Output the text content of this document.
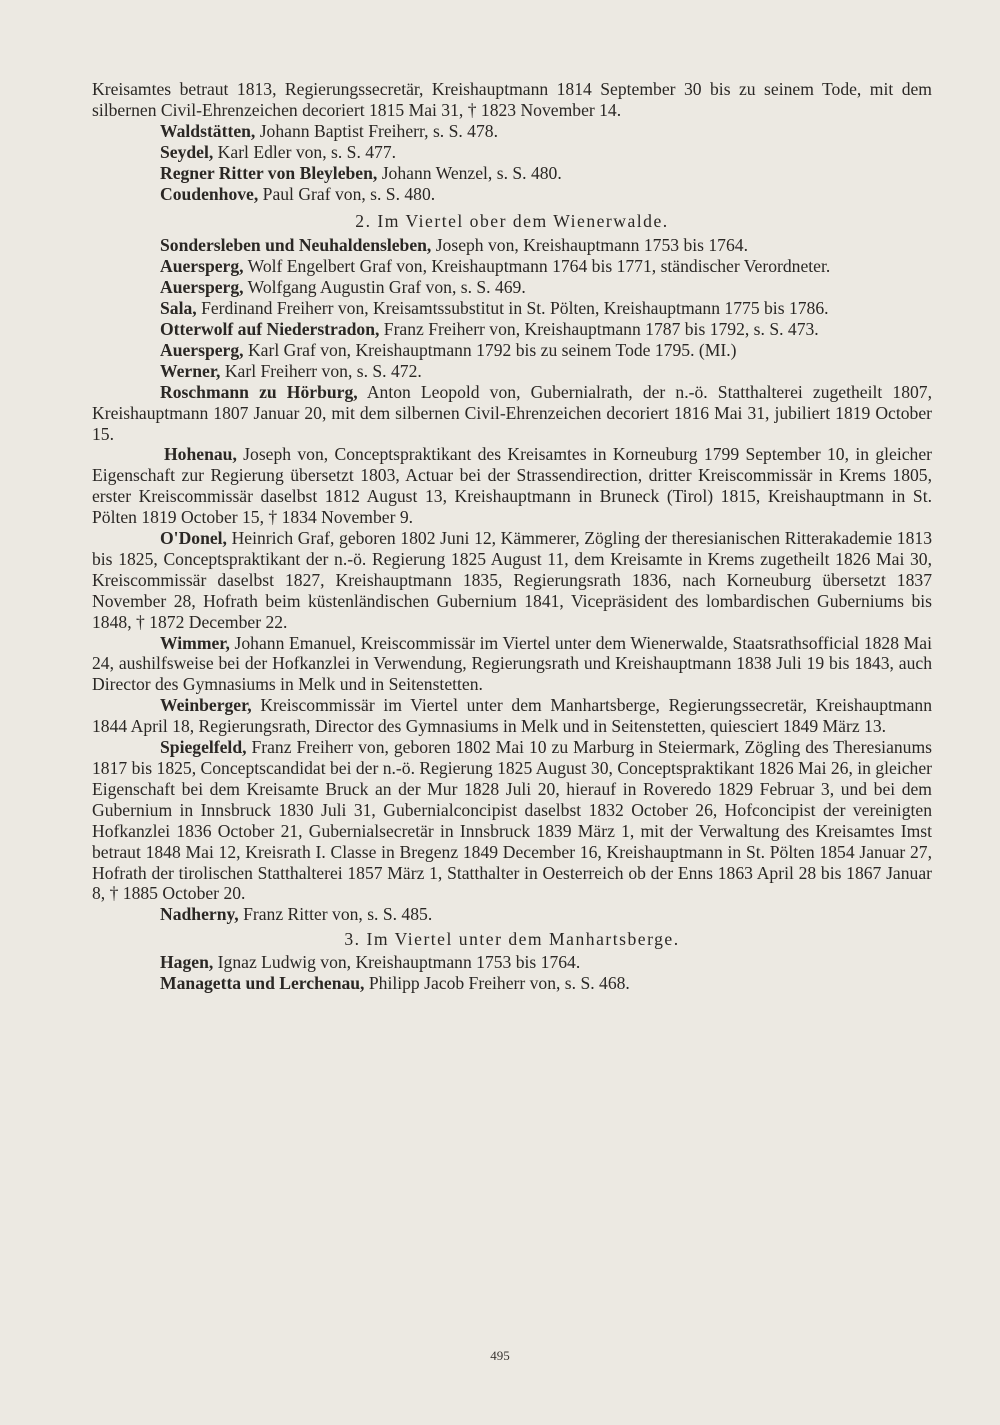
Kreisamtes betraut 1813, Regierungssecretär, Kreishauptmann 1814 September 30 bis zu seinem Tode, mit dem silbernen Civil-Ehrenzeichen decoriert 1815 Mai 31, † 1823 November 14.

Waldstätten, Johann Baptist Freiherr, s. S. 478.

Seydel, Karl Edler von, s. S. 477.

Regner Ritter von Bleyleben, Johann Wenzel, s. S. 480.

Coudenhove, Paul Graf von, s. S. 480.

2. Im Viertel ober dem Wienerwalde.

Sondersleben und Neuhaldensleben, Joseph von, Kreishauptmann 1753 bis 1764.

Auersperg, Wolf Engelbert Graf von, Kreishauptmann 1764 bis 1771, ständischer Verordneter.

Auersperg, Wolfgang Augustin Graf von, s. S. 469.

Sala, Ferdinand Freiherr von, Kreisamtssubstitut in St. Pölten, Kreishauptmann 1775 bis 1786.

Otterwolf auf Niederstradon, Franz Freiherr von, Kreishauptmann 1787 bis 1792, s. S. 473.

Auersperg, Karl Graf von, Kreishauptmann 1792 bis zu seinem Tode 1795. (MI.)

Werner, Karl Freiherr von, s. S. 472.

Roschmann zu Hörburg, Anton Leopold von, Gubernialrath, der n.-ö. Statthalterei zugetheilt 1807, Kreishauptmann 1807 Januar 20, mit dem silbernen Civil-Ehrenzeichen decoriert 1816 Mai 31, jubiliert 1819 October 15.

Hohenau, Joseph von, Conceptspraktikant des Kreisamtes in Korneuburg 1799 September 10, in gleicher Eigenschaft zur Regierung übersetzt 1803, Actuar bei der Strassendirection, dritter Kreiscommissär in Krems 1805, erster Kreiscommissär daselbst 1812 August 13, Kreishauptmann in Bruneck (Tirol) 1815, Kreishauptmann in St. Pölten 1819 October 15, † 1834 November 9.

O'Donel, Heinrich Graf, geboren 1802 Juni 12, Kämmerer, Zögling der theresianischen Ritterakademie 1813 bis 1825, Conceptspraktikant der n.-ö. Regierung 1825 August 11, dem Kreisamte in Krems zugetheilt 1826 Mai 30, Kreiscommissär daselbst 1827, Kreishauptmann 1835, Regierungsrath 1836, nach Korneuburg übersetzt 1837 November 28, Hofrath beim küstenländischen Gubernium 1841, Vicepräsident des lombardischen Guberniums bis 1848, † 1872 December 22.

Wimmer, Johann Emanuel, Kreiscommissär im Viertel unter dem Wienerwalde, Staatsrathsofficial 1828 Mai 24, aushilfsweise bei der Hofkanzlei in Verwendung, Regierungsrath und Kreishauptmann 1838 Juli 19 bis 1843, auch Director des Gymnasiums in Melk und in Seitenstetten.

Weinberger, Kreiscommissär im Viertel unter dem Manhartsberge, Regierungssecretär, Kreishauptmann 1844 April 18, Regierungsrath, Director des Gymnasiums in Melk und in Seitenstetten, quiesciert 1849 März 13.

Spiegelfeld, Franz Freiherr von, geboren 1802 Mai 10 zu Marburg in Steiermark, Zögling des Theresianums 1817 bis 1825, Conceptscandidat bei der n.-ö. Regierung 1825 August 30, Conceptspraktikant 1826 Mai 26, in gleicher Eigenschaft bei dem Kreisamte Bruck an der Mur 1828 Juli 20, hierauf in Roveredo 1829 Februar 3, und bei dem Gubernium in Innsbruck 1830 Juli 31, Gubernialconcipist daselbst 1832 October 26, Hofconcipist der vereinigten Hofkanzlei 1836 October 21, Gubernialsecretär in Innsbruck 1839 März 1, mit der Verwaltung des Kreisamtes Imst betraut 1848 Mai 12, Kreisrath I. Classe in Bregenz 1849 December 16, Kreishauptmann in St. Pölten 1854 Januar 27, Hofrath der tirolischen Statthalterei 1857 März 1, Statthalter in Oesterreich ob der Enns 1863 April 28 bis 1867 Januar 8, † 1885 October 20.

Nadherny, Franz Ritter von, s. S. 485.

3. Im Viertel unter dem Manhartsberge.

Hagen, Ignaz Ludwig von, Kreishauptmann 1753 bis 1764.

Managetta und Lerchenau, Philipp Jacob Freiherr von, s. S. 468.

495
